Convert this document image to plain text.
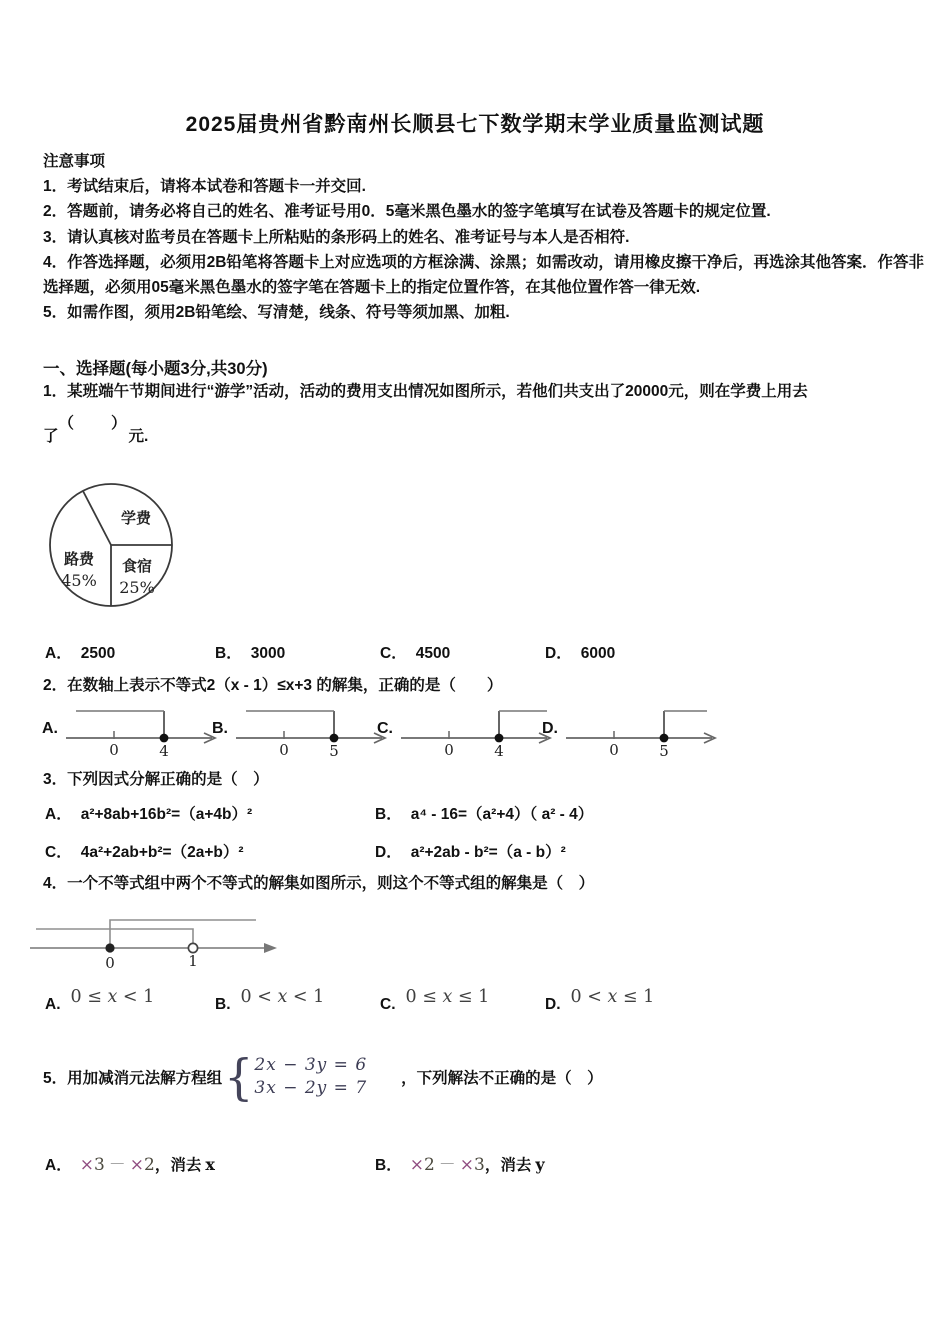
2025届贵州省黔南州长顺县七下数学期末学业质量监测试题
注意事项
1．考试结束后，请将本试卷和答题卡一并交回.
2．答题前，请务必将自己的姓名、准考证号用0．5毫米黑色墨水的签字笔填写在试卷及答题卡的规定位置.
3．请认真核对监考员在答题卡上所粘贴的条形码上的姓名、准考证号与本人是否相符.
4．作答选择题，必须用2B铅笔将答题卡上对应选项的方框涂满、涂黑；如需改动，请用橡皮擦干净后，再选涂其他答案．作答非选择题，必须用05毫米黑色墨水的签字笔在答题卡上的指定位置作答，在其他位置作答一律无效.
5．如需作图，须用2B铅笔绘、写清楚，线条、符号等须加黑、加粗.
一、选择题(每小题3分,共30分)
1．某班端午节期间进行“游学”活动，活动的费用支出情况如图所示，若他们共支出了20000元，则在学费上用去
了（　　）元.
学费
路费
45%
食宿
25%
A． 2500	B． 3000	C． 4500	D． 6000
2．在数轴上表示不等式2（x - 1）≤x+3 的解集，正确的是（　　）
A.
0	4
B.
0	5
C.
0	4
D.
0	5
3．下列因式分解正确的是（　）
A． a²+8ab+16b²=（a+4b）²	B． a⁴ - 16=（a²+4）（ a² - 4）
C． 4a²+2ab+b²=（2a+b）²	D． a²+2ab - b²=（a - b）²
4．一个不等式组中两个不等式的解集如图所示，则这个不等式组的解集是（　）
0	1
A. 0 ≤ x < 1	B. 0 < x < 1	C. 0 ≤ x ≤ 1	D. 0 < x ≤ 1
5．用加减消元法解方程组 { 2x − 3y = 6
3x − 2y = 7 ，下列解法不正确的是（　）
A． ×3 － ×2，消去 x	B． ×2 － ×3，消去 y
